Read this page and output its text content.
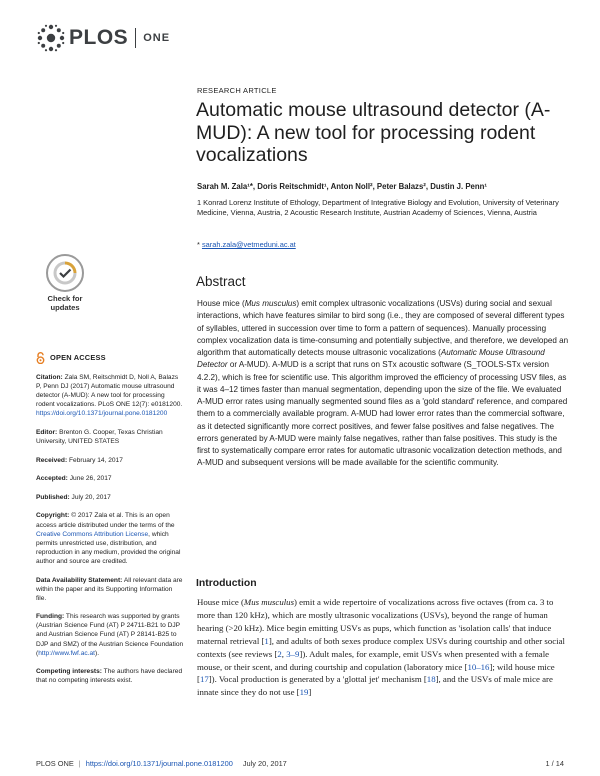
PLOS ONE
RESEARCH ARTICLE
Automatic mouse ultrasound detector (A-MUD): A new tool for processing rodent vocalizations
Sarah M. Zala¹*, Doris Reitschmidt¹, Anton Noll², Peter Balazs², Dustin J. Penn¹
1 Konrad Lorenz Institute of Ethology, Department of Integrative Biology and Evolution, University of Veterinary Medicine, Vienna, Austria, 2 Acoustic Research Institute, Austrian Academy of Sciences, Vienna, Austria
* sarah.zala@vetmeduni.ac.at
Check for
updates
Abstract
House mice (Mus musculus) emit complex ultrasonic vocalizations (USVs) during social and sexual interactions, which have features similar to bird song (i.e., they are composed of several different types of syllables, uttered in succession over time to form a pattern of sequences). Manually processing complex vocalization data is time-consuming and potentially subjective, and therefore, we developed an algorithm that automatically detects mouse ultrasonic vocalizations (Automatic Mouse Ultrasound Detector or A-MUD). A-MUD is a script that runs on STx acoustic software (S_TOOLS-STx version 4.2.2), which is free for scientific use. This algorithm improved the efficiency of processing USV files, as it was 4–12 times faster than manual segmentation, depending upon the size of the file. We evaluated A-MUD error rates using manually segmented sound files as a 'gold standard' reference, and compared them to a commercially available program. A-MUD had lower error rates than the commercial software, as it detected significantly more correct positives, and fewer false positives and false negatives. The errors generated by A-MUD were mainly false negatives, rather than false positives. This study is the first to systematically compare error rates for automatic ultrasonic vocalization detection methods, and A-MUD and subsequent versions will be made available for the scientific community.
OPEN ACCESS

Citation: Zala SM, Reitschmidt D, Noll A, Balazs P, Penn DJ (2017) Automatic mouse ultrasound detector (A-MUD): A new tool for processing rodent vocalizations. PLoS ONE 12(7): e0181200. https://doi.org/10.1371/journal.pone.0181200

Editor: Brenton G. Cooper, Texas Christian University, UNITED STATES

Received: February 14, 2017

Accepted: June 26, 2017

Published: July 20, 2017

Copyright: © 2017 Zala et al. This is an open access article distributed under the terms of the Creative Commons Attribution License, which permits unrestricted use, distribution, and reproduction in any medium, provided the original author and source are credited.

Data Availability Statement: All relevant data are within the paper and its Supporting Information file.

Funding: This research was supported by grants (Austrian Science Fund (AT) P 24711-B21 to DJP and Austrian Science Fund (AT) P 28141-B25 to DJP and SMZ) of the Austrian Science Foundation (http://www.fwf.ac.at).

Competing interests: The authors have declared that no competing interests exist.

Introduction
House mice (Mus musculus) emit a wide repertoire of vocalizations across five octaves (from ca. 3 to more than 120 kHz), which are mostly ultrasonic vocalizations (USVs), beyond the range of human hearing (>20 kHz). Mice begin emitting USVs as pups, which function as 'isolation calls' that induce maternal retrieval [1], and adults of both sexes produce complex USVs during courtship and other social contexts (see reviews [2, 3–9]). Adult males, for example, emit USVs when presented with a female mouse, or their scent, and during courtship and copulation (laboratory mice [10–16]; wild house mice [17]). Vocal production is generated by a 'glottal jet' mechanism [18], and the USVs of male mice are innate since they do not use [19]
PLOS ONE | https://doi.org/10.1371/journal.pone.0181200 July 20, 2017	1 / 14
